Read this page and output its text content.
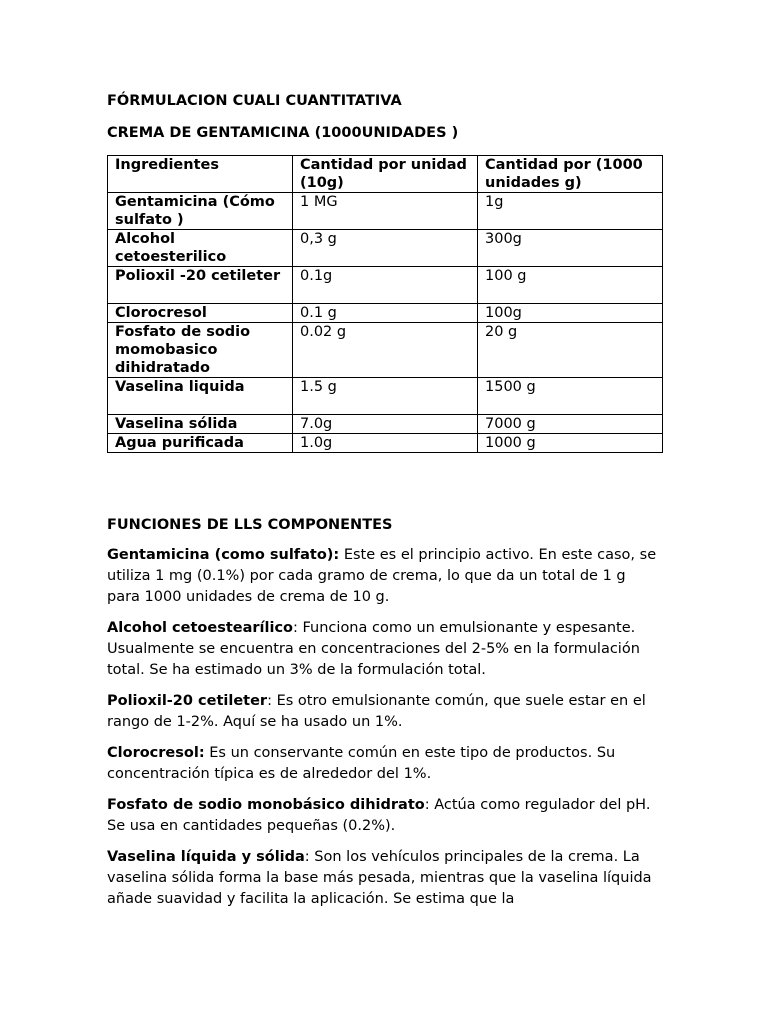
FÓRMULACION CUALI CUANTITATIVA

CREMA DE GENTAMICINA (1000UNIDADES )

Ingredientes	Cantidad por unidad (10g)	Cantidad por (1000 unidades g)
Gentamicina (Cómo sulfato )	1 MG	1g
Alcohol cetoesterilico	0,3 g	300g
Polioxil -20 cetileter	0.1g	100 g
Clorocresol	0.1 g	100g
Fosfato de sodio momobasico dihidratado	0.02 g	20 g
Vaselina liquida	1.5 g	1500 g
Vaselina sólida	7.0g	7000 g
Agua purificada	1.0g	1000 g

FUNCIONES DE LLS COMPONENTES

Gentamicina (como sulfato): Este es el principio activo. En este caso, se utiliza 1 mg (0.1%) por cada gramo de crema, lo que da un total de 1 g para 1000 unidades de crema de 10 g.

Alcohol cetoestearílico: Funciona como un emulsionante y espesante. Usualmente se encuentra en concentraciones del 2-5% en la formulación total. Se ha estimado un 3% de la formulación total.

Polioxil-20 cetileter: Es otro emulsionante común, que suele estar en el rango de 1-2%. Aquí se ha usado un 1%.

Clorocresol: Es un conservante común en este tipo de productos. Su concentración típica es de alrededor del 1%.

Fosfato de sodio monobásico dihidrato: Actúa como regulador del pH. Se usa en cantidades pequeñas (0.2%).

Vaselina líquida y sólida: Son los vehículos principales de la crema. La vaselina sólida forma la base más pesada, mientras que la vaselina líquida añade suavidad y facilita la aplicación. Se estima que la
